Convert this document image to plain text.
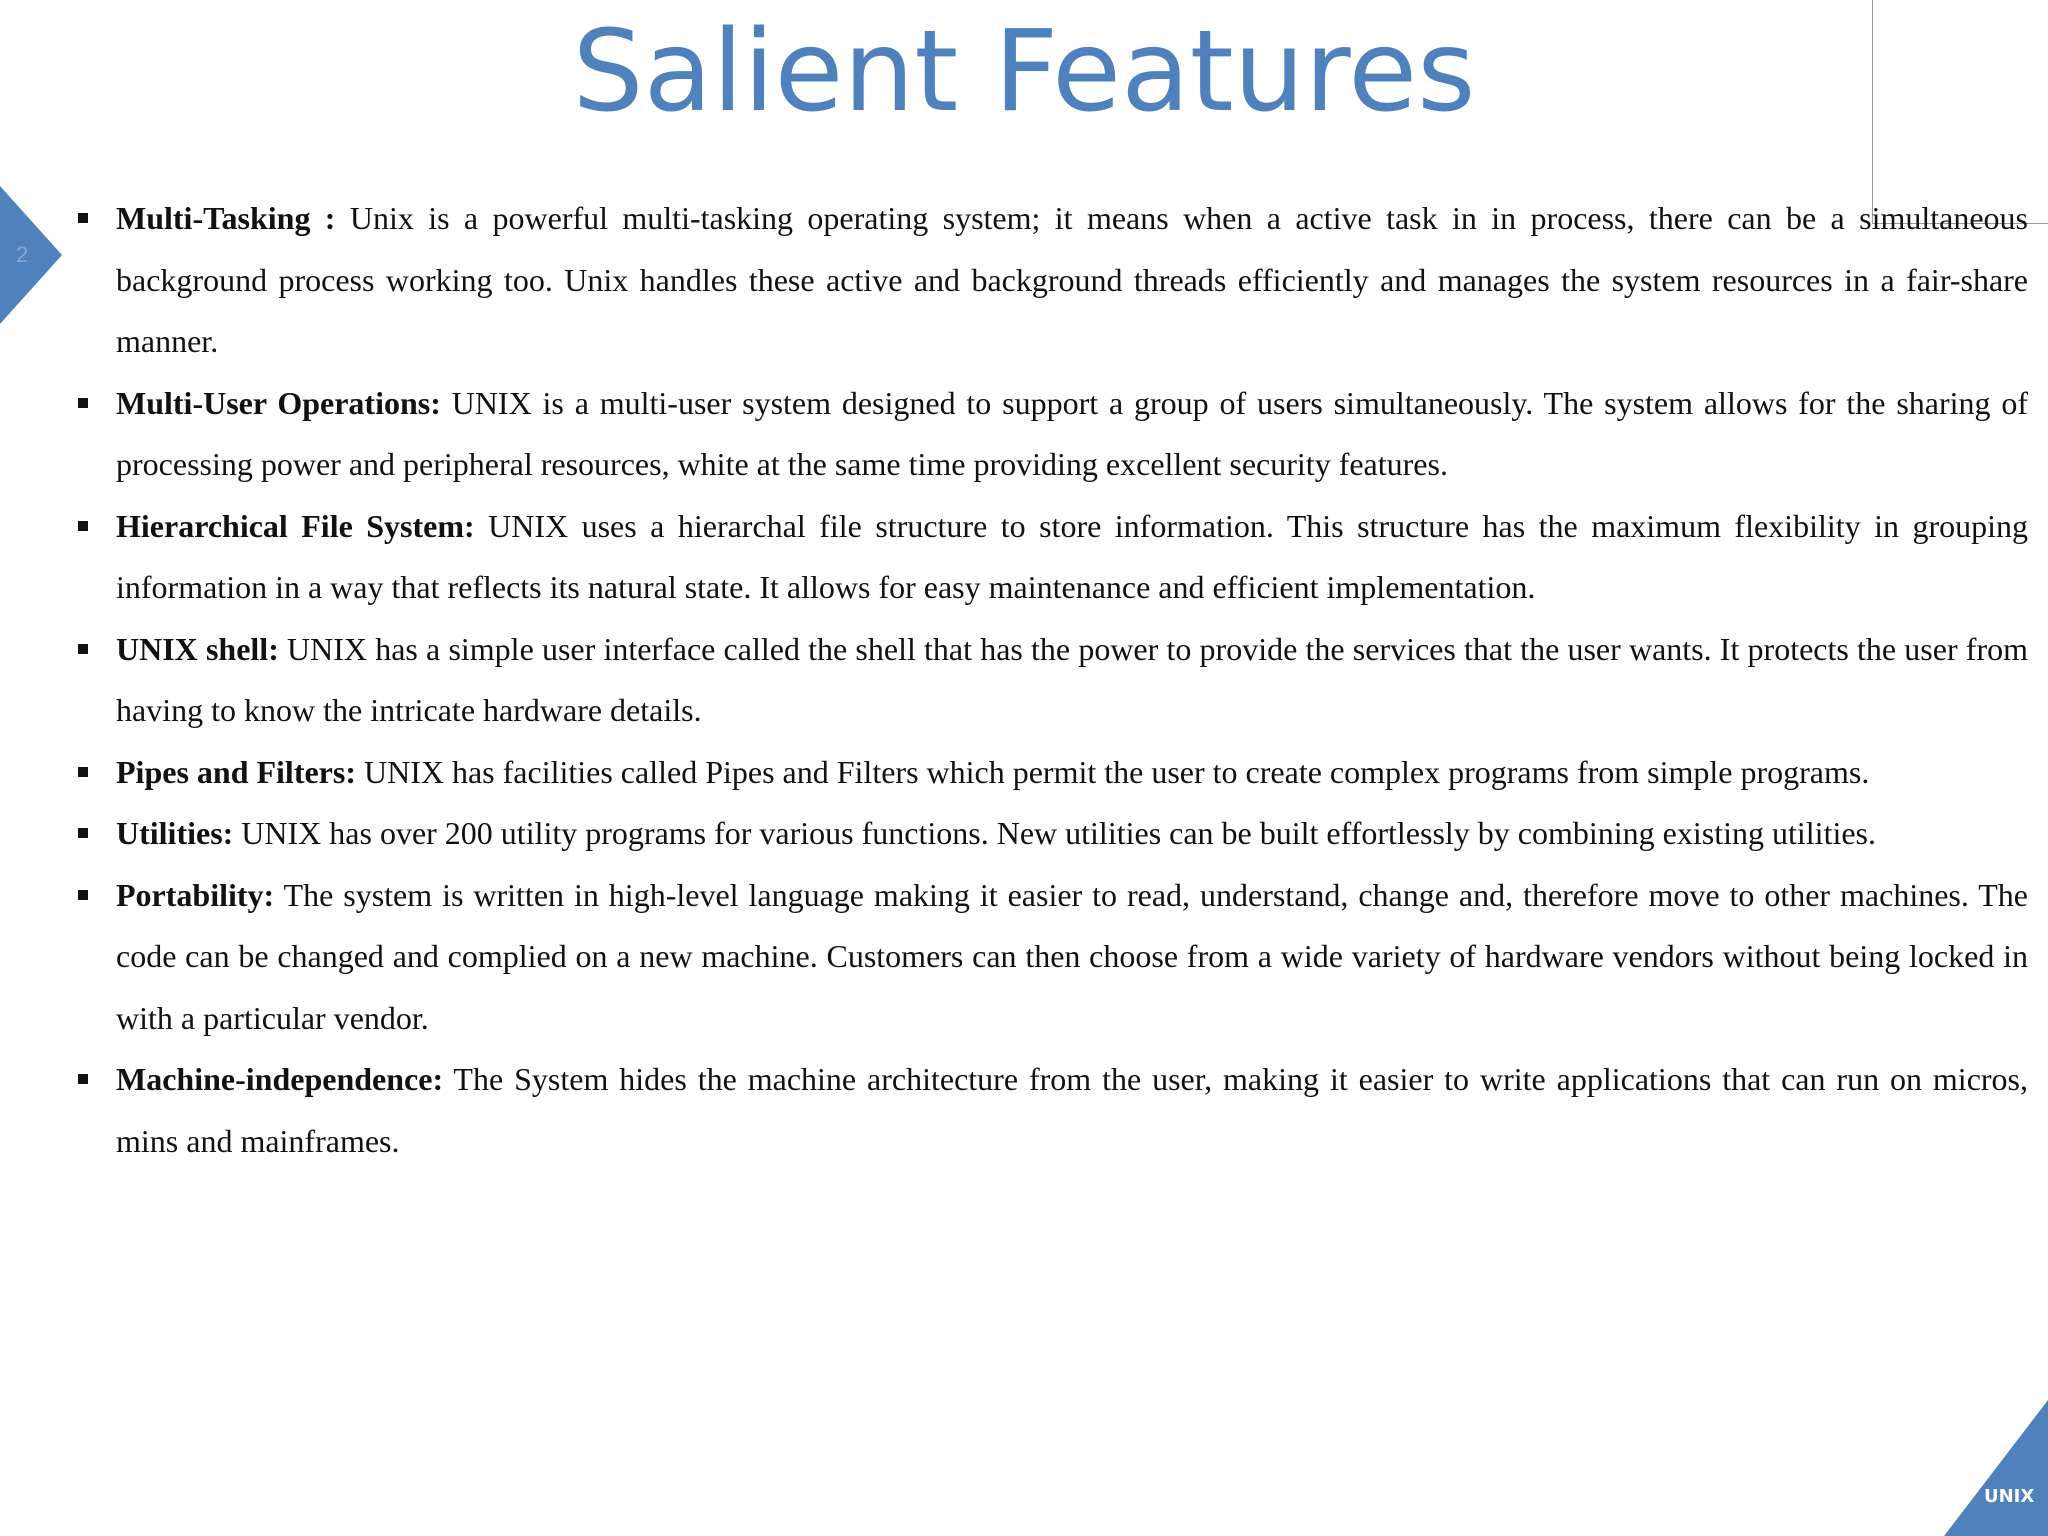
Salient Features
2
UNIX
Multi-Tasking : Unix is a powerful multi-tasking operating system; it means when a active task in in process, there can be a simultaneous background process working too. Unix handles these active and background threads efficiently and manages the system resources in a fair-share manner.
Multi-User Operations: UNIX is a multi-user system designed to support a group of users simultaneously. The system allows for the sharing of processing power and peripheral resources, white at the same time providing excellent security features.
Hierarchical File System: UNIX uses a hierarchal file structure to store information. This structure has the maximum flexibility in grouping information in a way that reflects its natural state. It allows for easy maintenance and efficient implementation.
UNIX shell: UNIX has a simple user interface called the shell that has the power to provide the services that the user wants. It protects the user from having to know the intricate hardware details.
Pipes and Filters: UNIX has facilities called Pipes and Filters which permit the user to create complex programs from simple programs.
Utilities: UNIX has over 200 utility programs for various functions. New utilities can be built effortlessly by combining existing utilities.
Portability: The system is written in high-level language making it easier to read, understand, change and, therefore move to other machines. The code can be changed and complied on a new machine. Customers can then choose from a wide variety of hardware vendors without being locked in with a particular vendor.
Machine-independence: The System hides the machine architecture from the user, making it easier to write applications that can run on micros, mins and mainframes.
